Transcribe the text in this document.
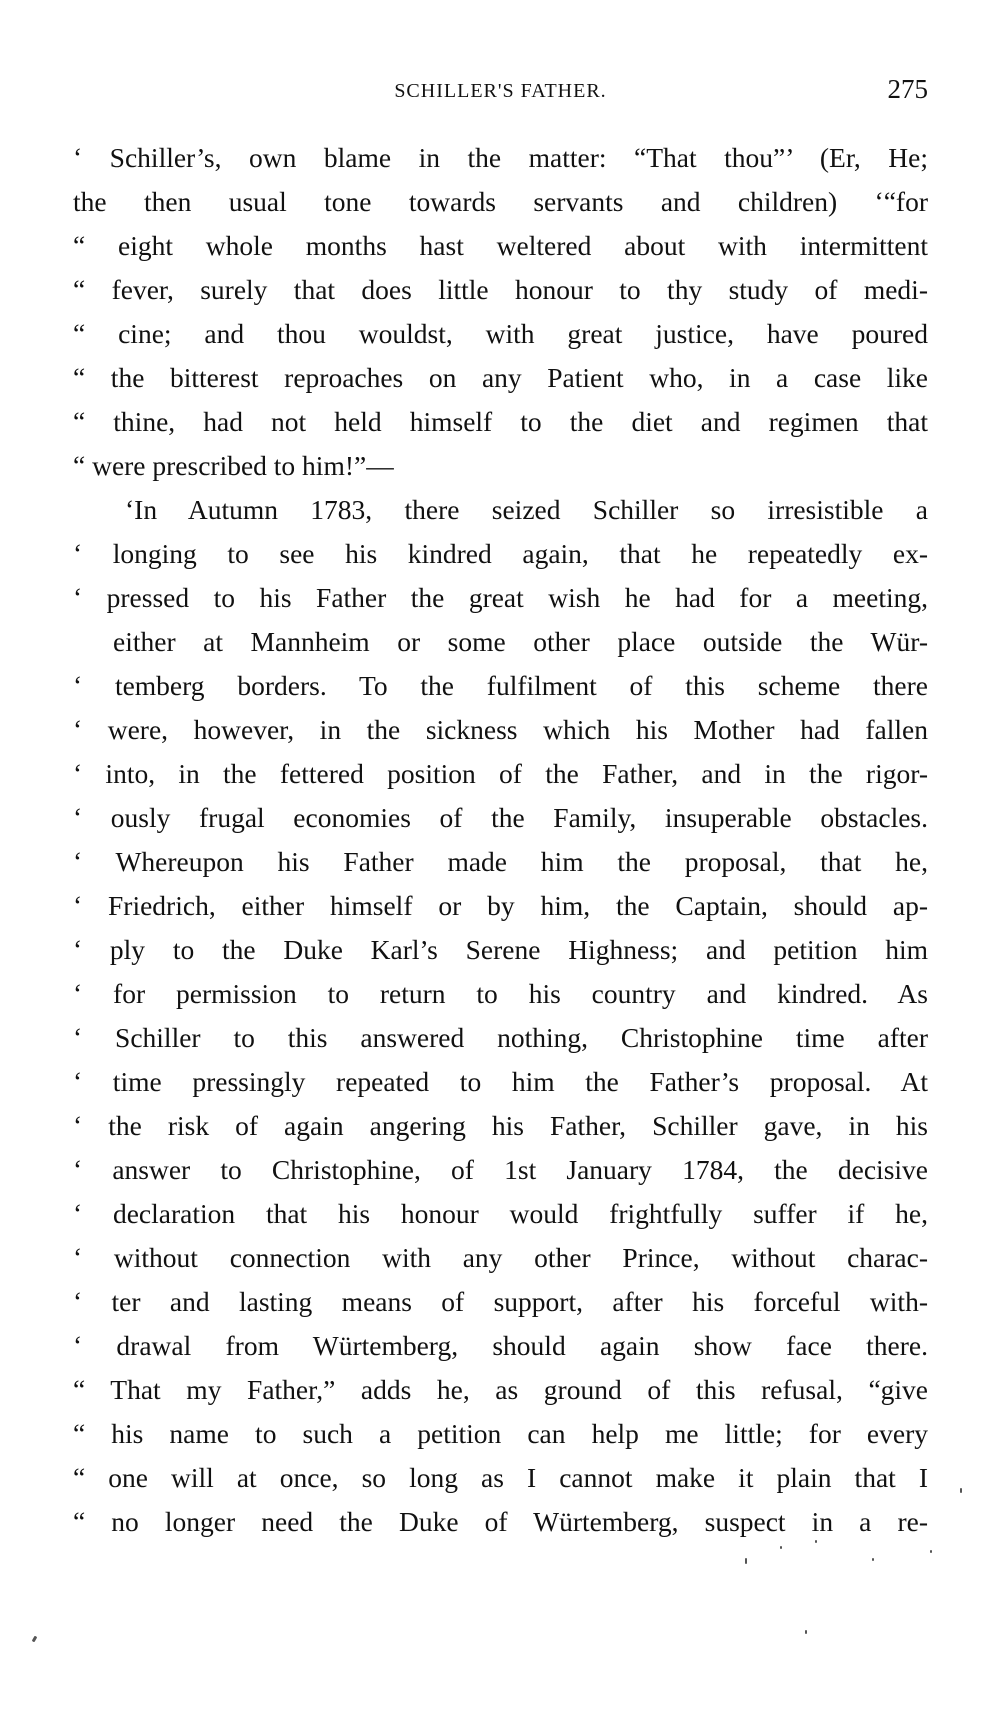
SCHILLER'S FATHER.	275
‘ Schiller’s, own blame in the matter: “That thou”’ (Er, He;
the then usual tone towards servants and children) ‘“for
“ eight whole months hast weltered about with intermittent
“ fever, surely that does little honour to thy study of medi-
“ cine; and thou wouldst, with great justice, have poured
“ the bitterest reproaches on any Patient who, in a case like
“ thine, had not held himself to the diet and regimen that
“ were prescribed to him!”—
‘In Autumn 1783, there seized Schiller so irresistible a
‘ longing to see his kindred again, that he repeatedly ex-
‘ pressed to his Father the great wish he had for a meeting,
either at Mannheim or some other place outside the Wür-
‘ temberg borders. To the fulfilment of this scheme there
‘ were, however, in the sickness which his Mother had fallen
‘ into, in the fettered position of the Father, and in the rigor-
‘ ously frugal economies of the Family, insuperable obstacles.
‘ Whereupon his Father made him the proposal, that he,
‘ Friedrich, either himself or by him, the Captain, should ap-
‘ ply to the Duke Karl’s Serene Highness; and petition him
‘ for permission to return to his country and kindred. As
‘ Schiller to this answered nothing, Christophine time after
‘ time pressingly repeated to him the Father’s proposal. At
‘ the risk of again angering his Father, Schiller gave, in his
‘ answer to Christophine, of 1st January 1784, the decisive
‘ declaration that his honour would frightfully suffer if he,
‘ without connection with any other Prince, without charac-
‘ ter and lasting means of support, after his forceful with-
‘ drawal from Würtemberg, should again show face there.
“ That my Father,” adds he, as ground of this refusal, “give
“ his name to such a petition can help me little; for every
“ one will at once, so long as I cannot make it plain that I
“ no longer need the Duke of Würtemberg, suspect in a re-
